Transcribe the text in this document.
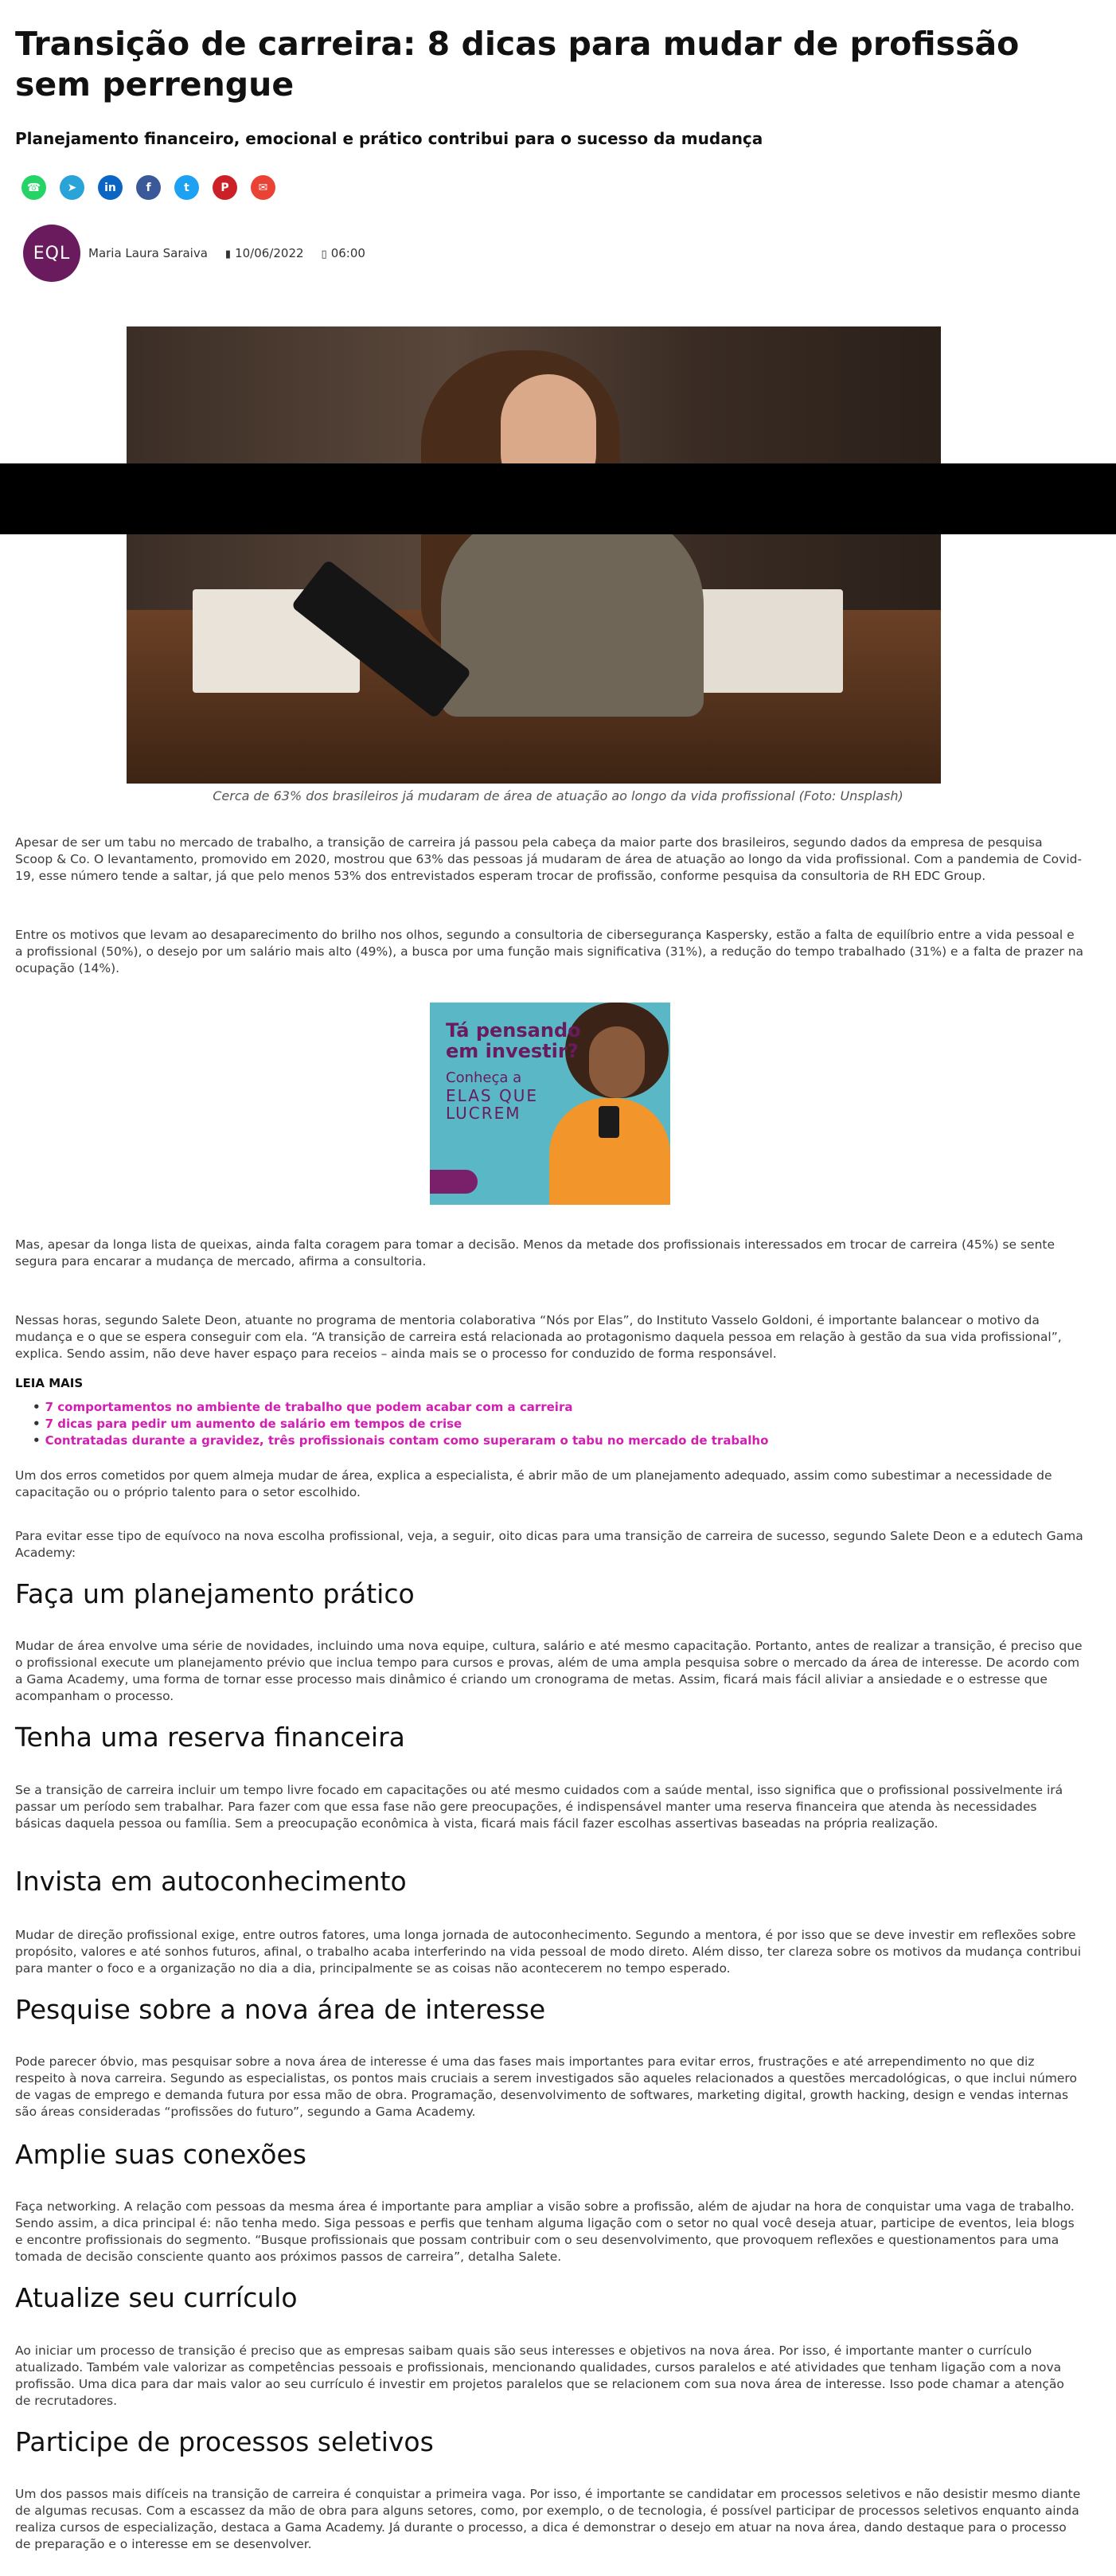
Transição de carreira: 8 dicas para mudar de profissão sem perrengue

Planejamento financeiro, emocional e prático contribui para o sucesso da mudança

☎	➤	in	f	t	P	✉
EQL	Maria Laura Saraiva ▮ 10/06/2022 ▯ 06:00

Cerca de 63% dos brasileiros já mudaram de área de atuação ao longo da vida profissional (Foto: Unsplash)

Apesar de ser um tabu no mercado de trabalho, a transição de carreira já passou pela cabeça da maior parte dos brasileiros, segundo dados da empresa de pesquisa Scoop & Co. O levantamento, promovido em 2020, mostrou que 63% das pessoas já mudaram de área de atuação ao longo da vida profissional. Com a pandemia de Covid-19, esse número tende a saltar, já que pelo menos 53% dos entrevistados esperam trocar de profissão, conforme pesquisa da consultoria de RH EDC Group.

Entre os motivos que levam ao desaparecimento do brilho nos olhos, segundo a consultoria de cibersegurança Kaspersky, estão a falta de equilíbrio entre a vida pessoal e a profissional (50%), o desejo por um salário mais alto (49%), a busca por uma função mais significativa (31%), a redução do tempo trabalhado (31%) e a falta de prazer na ocupação (14%).

Tá pensando
em investir?
Conheça a
ELAS QUE
LUCREM

Mas, apesar da longa lista de queixas, ainda falta coragem para tomar a decisão. Menos da metade dos profissionais interessados em trocar de carreira (45%) se sente segura para encarar a mudança de mercado, afirma a consultoria.

Nessas horas, segundo Salete Deon, atuante no programa de mentoria colaborativa “Nós por Elas”, do Instituto Vasselo Goldoni, é importante balancear o motivo da mudança e o que se espera conseguir com ela. “A transição de carreira está relacionada ao protagonismo daquela pessoa em relação à gestão da sua vida profissional”, explica. Sendo assim, não deve haver espaço para receios – ainda mais se o processo for conduzido de forma responsável.

LEIA MAIS
• 7 comportamentos no ambiente de trabalho que podem acabar com a carreira
• 7 dicas para pedir um aumento de salário em tempos de crise
• Contratadas durante a gravidez, três profissionais contam como superaram o tabu no mercado de trabalho

Um dos erros cometidos por quem almeja mudar de área, explica a especialista, é abrir mão de um planejamento adequado, assim como subestimar a necessidade de capacitação ou o próprio talento para o setor escolhido.

Para evitar esse tipo de equívoco na nova escolha profissional, veja, a seguir, oito dicas para uma transição de carreira de sucesso, segundo Salete Deon e a edutech Gama Academy:

Faça um planejamento prático

Mudar de área envolve uma série de novidades, incluindo uma nova equipe, cultura, salário e até mesmo capacitação. Portanto, antes de realizar a transição, é preciso que o profissional execute um planejamento prévio que inclua tempo para cursos e provas, além de uma ampla pesquisa sobre o mercado da área de interesse. De acordo com a Gama Academy, uma forma de tornar esse processo mais dinâmico é criando um cronograma de metas. Assim, ficará mais fácil aliviar a ansiedade e o estresse que acompanham o processo.

Tenha uma reserva financeira

Se a transição de carreira incluir um tempo livre focado em capacitações ou até mesmo cuidados com a saúde mental, isso significa que o profissional possivelmente irá passar um período sem trabalhar. Para fazer com que essa fase não gere preocupações, é indispensável manter uma reserva financeira que atenda às necessidades básicas daquela pessoa ou família. Sem a preocupação econômica à vista, ficará mais fácil fazer escolhas assertivas baseadas na própria realização.

Invista em autoconhecimento

Mudar de direção profissional exige, entre outros fatores, uma longa jornada de autoconhecimento. Segundo a mentora, é por isso que se deve investir em reflexões sobre propósito, valores e até sonhos futuros, afinal, o trabalho acaba interferindo na vida pessoal de modo direto. Além disso, ter clareza sobre os motivos da mudança contribui para manter o foco e a organização no dia a dia, principalmente se as coisas não acontecerem no tempo esperado.

Pesquise sobre a nova área de interesse

Pode parecer óbvio, mas pesquisar sobre a nova área de interesse é uma das fases mais importantes para evitar erros, frustrações e até arrependimento no que diz respeito à nova carreira. Segundo as especialistas, os pontos mais cruciais a serem investigados são aqueles relacionados a questões mercadológicas, o que inclui número de vagas de emprego e demanda futura por essa mão de obra. Programação, desenvolvimento de softwares, marketing digital, growth hacking, design e vendas internas são áreas consideradas “profissões do futuro”, segundo a Gama Academy.

Amplie suas conexões

Faça networking. A relação com pessoas da mesma área é importante para ampliar a visão sobre a profissão, além de ajudar na hora de conquistar uma vaga de trabalho. Sendo assim, a dica principal é: não tenha medo. Siga pessoas e perfis que tenham alguma ligação com o setor no qual você deseja atuar, participe de eventos, leia blogs e encontre profissionais do segmento. “Busque profissionais que possam contribuir com o seu desenvolvimento, que provoquem reflexões e questionamentos para uma tomada de decisão consciente quanto aos próximos passos de carreira”, detalha Salete.

Atualize seu currículo

Ao iniciar um processo de transição é preciso que as empresas saibam quais são seus interesses e objetivos na nova área. Por isso, é importante manter o currículo atualizado. Também vale valorizar as competências pessoais e profissionais, mencionando qualidades, cursos paralelos e até atividades que tenham ligação com a nova profissão. Uma dica para dar mais valor ao seu currículo é investir em projetos paralelos que se relacionem com sua nova área de interesse. Isso pode chamar a atenção de recrutadores.

Participe de processos seletivos

Um dos passos mais difíceis na transição de carreira é conquistar a primeira vaga. Por isso, é importante se candidatar em processos seletivos e não desistir mesmo diante de algumas recusas. Com a escassez da mão de obra para alguns setores, como, por exemplo, o de tecnologia, é possível participar de processos seletivos enquanto ainda realiza cursos de especialização, destaca a Gama Academy. Já durante o processo, a dica é demonstrar o desejo em atuar na nova área, dando destaque para o processo de preparação e o interesse em se desenvolver.
